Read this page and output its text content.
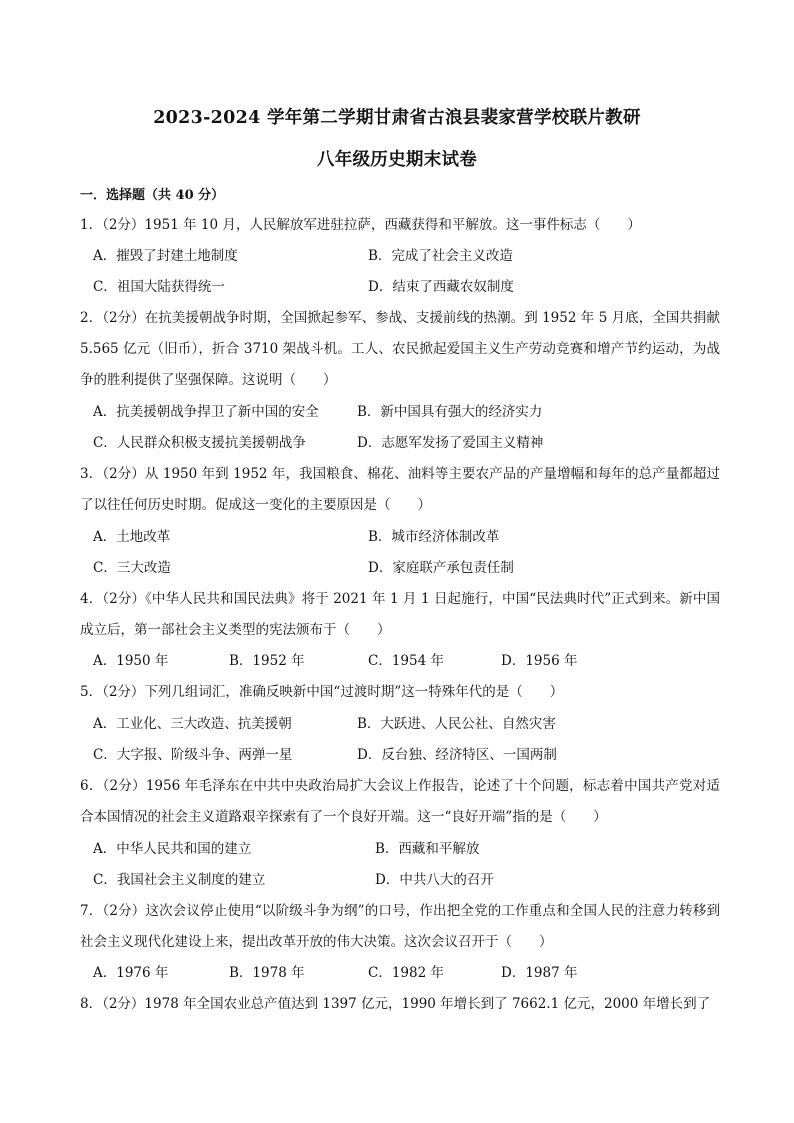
2023-2024 学年第二学期甘肃省古浪县裴家营学校联片教研
八年级历史期末试卷
一．选择题（共 40 分）
1．（2分）1951 年 10 月，人民解放军进驻拉萨，西藏获得和平解放。这一事件标志（　　）
A．摧毁了封建土地制度	B．完成了社会主义改造
C．祖国大陆获得统一	D．结束了西藏农奴制度
2．（2分）在抗美援朝战争时期，全国掀起参军、参战、支援前线的热潮。到 1952 年 5 月底，全国共捐献 5.565 亿元（旧币），折合 3710 架战斗机。工人、农民掀起爱国主义生产劳动竞赛和增产节约运动，为战争的胜利提供了坚强保障。这说明（　　）
A．抗美援朝战争捍卫了新中国的安全	B．新中国具有强大的经济实力
C．人民群众积极支援抗美援朝战争	D．志愿军发扬了爱国主义精神
3．（2分）从 1950 年到 1952 年，我国粮食、棉花、油料等主要农产品的产量增幅和每年的总产量都超过了以往任何历史时期。促成这一变化的主要原因是（　　）
A．土地改革	B．城市经济体制改革
C．三大改造	D．家庭联产承包责任制
4．（2分）《中华人民共和国民法典》将于 2021 年 1 月 1 日起施行，中国“民法典时代”正式到来。新中国成立后，第一部社会主义类型的宪法颁布于（　　）
A．1950 年	B．1952 年	C．1954 年	D．1956 年
5．（2分）下列几组词汇，准确反映新中国“过渡时期”这一特殊年代的是（　　）
A．工业化、三大改造、抗美援朝	B．大跃进、人民公社、自然灾害
C．大字报、阶级斗争、两弹一星	D．反台独、经济特区、一国两制
6．（2分）1956 年毛泽东在中共中央政治局扩大会议上作报告，论述了十个问题，标志着中国共产党对适合本国情况的社会主义道路艰辛探索有了一个良好开端。这一“良好开端”指的是（　　）
A．中华人民共和国的建立	B．西藏和平解放
C．我国社会主义制度的建立	D．中共八大的召开
7．（2分）这次会议停止使用“以阶级斗争为纲”的口号，作出把全党的工作重点和全国人民的注意力转移到社会主义现代化建设上来，提出改革开放的伟大决策。这次会议召开于（　　）
A．1976 年	B．1978 年	C．1982 年	D．1987 年
8．（2分）1978 年全国农业总产值达到 1397 亿元，1990 年增长到了 7662.1 亿元，2000 年增长到了
